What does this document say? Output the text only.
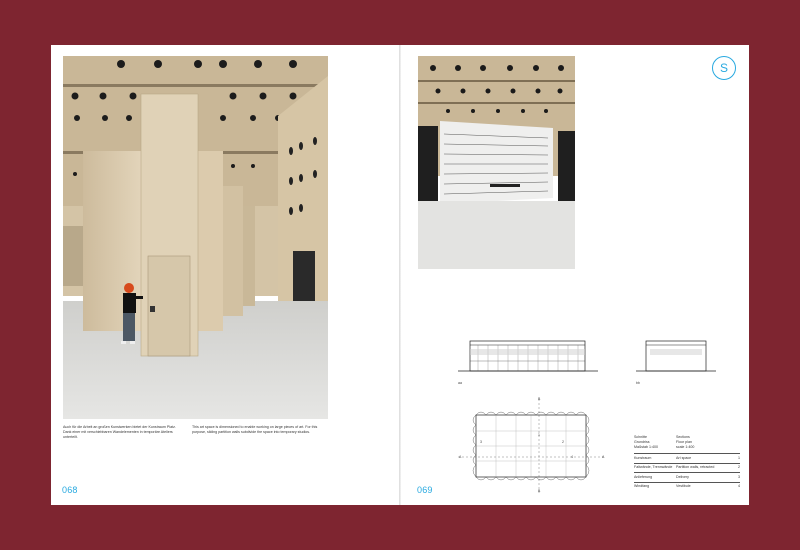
Auch für die Arbeit an großen Kunstwerken bietet der Kunstraum Platz. Dank einer mit verschiebbaren Wandelementen in temporäre Ateliers unterteilt.
This art space is dimensioned to enable working on large pieces of art. For this purpose, sliding partition walls subdivide the space into temporary studios.
068
S
aa	bb
B
B
A	A
1
2
3
4
Schnitte
Grundriss
Maßstab 1:400
Sections
Floor plan
scale 1:400
Kunstraum	Art space	1
Faltwände, Trennwände	Partition walls, retracted	2
Anlieferung	Delivery	3
Windfang	Vestibule	4
069
